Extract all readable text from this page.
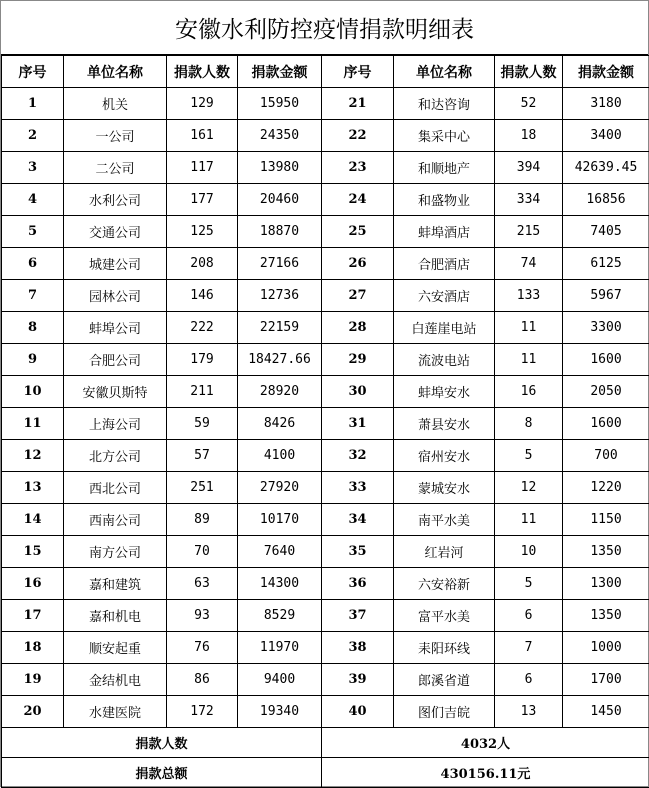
安徽水利防控疫情捐款明细表
序号	单位名称	捐款人数	捐款金额	序号	单位名称	捐款人数	捐款金额
1	机关	129	15950	21	和达咨询	52	3180
2	一公司	161	24350	22	集采中心	18	3400
3	二公司	117	13980	23	和顺地产	394	42639.45
4	水利公司	177	20460	24	和盛物业	334	16856
5	交通公司	125	18870	25	蚌埠酒店	215	7405
6	城建公司	208	27166	26	合肥酒店	74	6125
7	园林公司	146	12736	27	六安酒店	133	5967
8	蚌埠公司	222	22159	28	白莲崖电站	11	3300
9	合肥公司	179	18427.66	29	流波电站	11	1600
10	安徽贝斯特	211	28920	30	蚌埠安水	16	2050
11	上海公司	59	8426	31	萧县安水	8	1600
12	北方公司	57	4100	32	宿州安水	5	700
13	西北公司	251	27920	33	蒙城安水	12	1220
14	西南公司	89	10170	34	南平水美	11	1150
15	南方公司	70	7640	35	红岩河	10	1350
16	嘉和建筑	63	14300	36	六安裕新	5	1300
17	嘉和机电	93	8529	37	富平水美	6	1350
18	顺安起重	76	11970	38	耒阳环线	7	1000
19	金结机电	86	9400	39	郎溪省道	6	1700
20	水建医院	172	19340	40	图们吉皖	13	1450
捐款人数				4032人			
捐款总额				430156.11元			
